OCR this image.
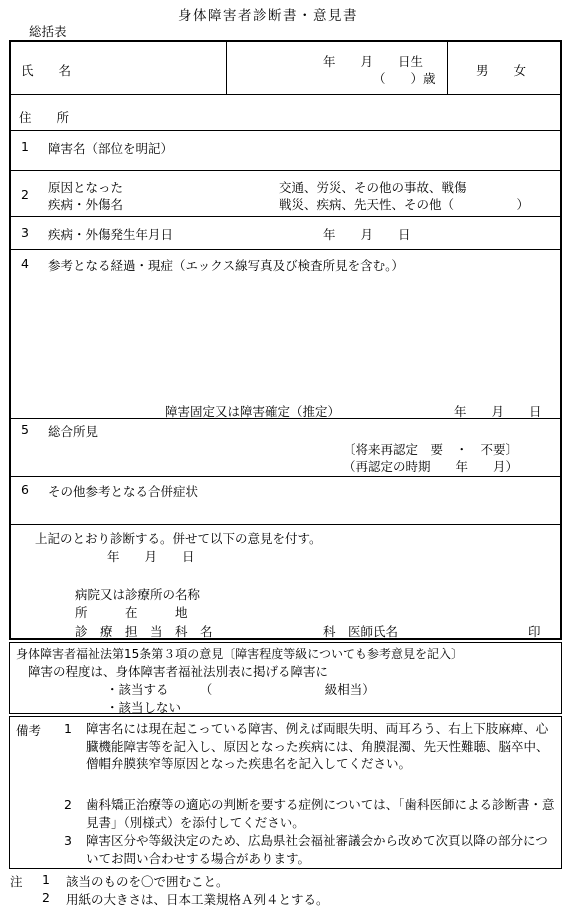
身体障害者診断書・意見書
総括表
氏　　名
年　　月　　日生
（　　）歳
男　　女
住　　所
1 障害名（部位を明記）
2 原因となった
疾病・外傷名
交通、労災、その他の事故、戦傷
戦災、疾病、先天性、その他（　　　　　）
3 疾病・外傷発生年月日	年　　月　　日
4 参考となる経過・現症（エックス線写真及び検査所見を含む。）
障害固定又は障害確定（推定）	年　　月　　日
5 総合所見
〔将来再認定　要　・　不要〕
（再認定の時期　　年　　月）
6 その他参考となる合併症状
上記のとおり診断する。併せて以下の意見を付す。
年　　月　　日
病院又は診療所の名称
所　　　在　　　地
診　療　担　当　科　名	科　医師氏名	印
身体障害者福祉法第15条第３項の意見〔障害程度等級についても参考意見を記入〕
障害の程度は、身体障害者福祉法別表に掲げる障害に
・該当する　　　（　　　　　　　　　級相当）
・該当しない
備考 1 障害名には現在起こっている障害、例えば両眼失明、両耳ろう、右上下肢麻痺、心臓機能障害等を記入し、原因となった疾病には、角膜混濁、先天性難聴、脳卒中、僧帽弁膜狭窄等原因となった疾患名を記入してください。
2 歯科矯正治療等の適応の判断を要する症例については、「歯科医師による診断書・意見書」（別様式）を添付してください。
3 障害区分や等級決定のため、広島県社会福祉審議会から改めて次頁以降の部分についてお問い合わせする場合があります。
注 1 該当のものを〇で囲むこと。
2 用紙の大きさは、日本工業規格Ａ列４とする。
